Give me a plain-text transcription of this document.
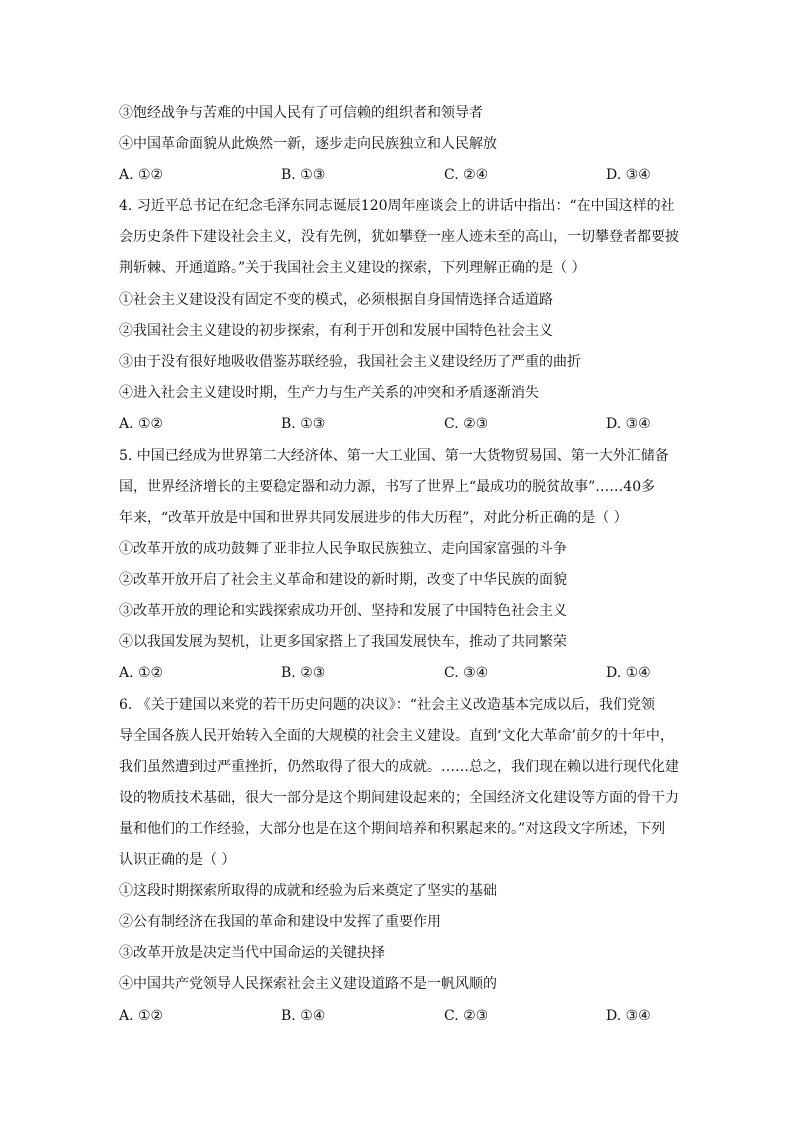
③饱经战争与苦难的中国人民有了可信赖的组织者和领导者
④中国革命面貌从此焕然一新，逐步走向民族独立和人民解放
A. ①②	B. ①③	C. ②④	D. ③④
4. 习近平总书记在纪念毛泽东同志诞辰120周年座谈会上的讲话中指出：“在中国这样的社
会历史条件下建设社会主义，没有先例，犹如攀登一座人迹未至的高山，一切攀登者都要披
荆斩棘、开通道路。”关于我国社会主义建设的探索，下列理解正确的是（ ）
①社会主义建设没有固定不变的模式，必须根据自身国情选择合适道路
②我国社会主义建设的初步探索，有利于开创和发展中国特色社会主义
③由于没有很好地吸收借鉴苏联经验，我国社会主义建设经历了严重的曲折
④进入社会主义建设时期，生产力与生产关系的冲突和矛盾逐渐消失
A. ①②	B. ①③	C. ②③	D. ③④
5. 中国已经成为世界第二大经济体、第一大工业国、第一大货物贸易国、第一大外汇储备
国，世界经济增长的主要稳定器和动力源，书写了世界上“最成功的脱贫故事”……40多
年来，“改革开放是中国和世界共同发展进步的伟大历程”，对此分析正确的是（ ）
①改革开放的成功鼓舞了亚非拉人民争取民族独立、走向国家富强的斗争
②改革开放开启了社会主义革命和建设的新时期，改变了中华民族的面貌
③改革开放的理论和实践探索成功开创、坚持和发展了中国特色社会主义
④以我国发展为契机，让更多国家搭上了我国发展快车，推动了共同繁荣
A. ①②	B. ②③	C. ③④	D. ①④
6. 《关于建国以来党的若干历史问题的决议》：“社会主义改造基本完成以后，我们党领
导全国各族人民开始转入全面的大规模的社会主义建设。直到‘文化大革命’前夕的十年中，
我们虽然遭到过严重挫折，仍然取得了很大的成就。……总之，我们现在赖以进行现代化建
设的物质技术基础，很大一部分是这个期间建设起来的；全国经济文化建设等方面的骨干力
量和他们的工作经验，大部分也是在这个期间培养和积累起来的。”对这段文字所述，下列
认识正确的是（ ）
①这段时期探索所取得的成就和经验为后来奠定了坚实的基础
②公有制经济在我国的革命和建设中发挥了重要作用
③改革开放是决定当代中国命运的关键抉择
④中国共产党领导人民探索社会主义建设道路不是一帆风顺的
A. ①②	B. ①④	C. ②③	D. ③④
